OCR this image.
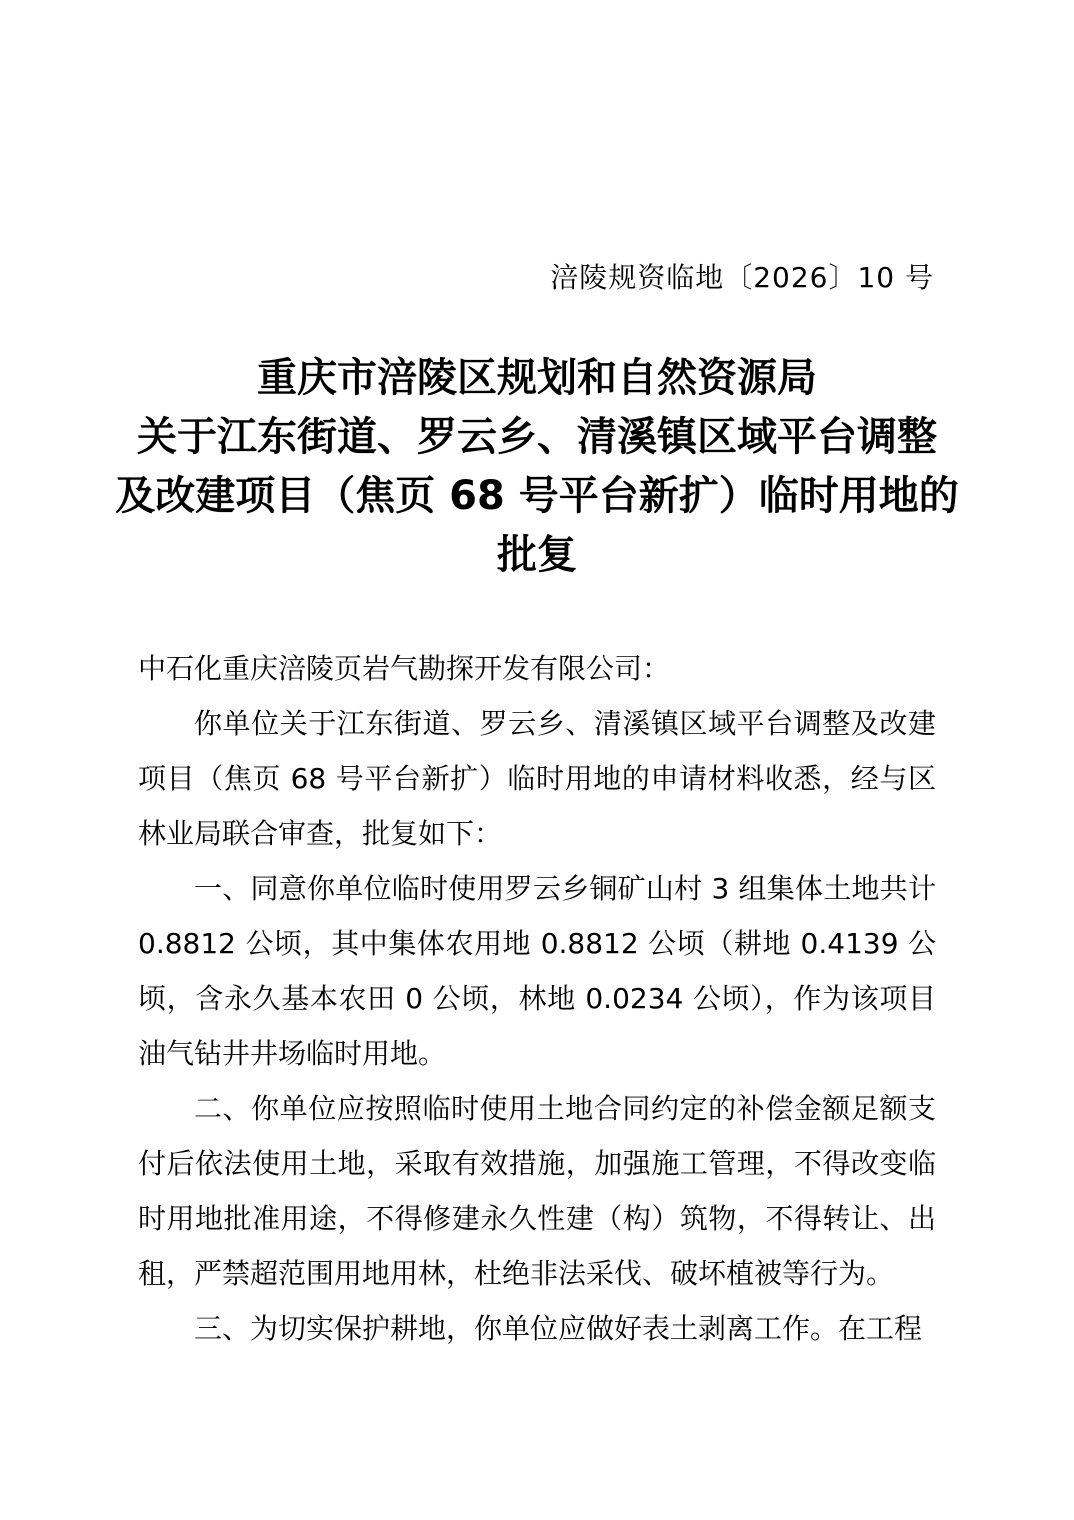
涪陵规资临地〔2026〕10 号
重庆市涪陵区规划和自然资源局
关于江东街道、罗云乡、清溪镇区域平台调整
及改建项目（焦页 68 号平台新扩）临时用地的
批复

中石化重庆涪陵页岩气勘探开发有限公司：

你单位关于江东街道、罗云乡、清溪镇区域平台调整及改建项目（焦页 68 号平台新扩）临时用地的申请材料收悉，经与区林业局联合审查，批复如下：

一、同意你单位临时使用罗云乡铜矿山村 3 组集体土地共计 0.8812 公顷，其中集体农用地 0.8812 公顷（耕地 0.4139 公顷，含永久基本农田 0 公顷，林地 0.0234 公顷），作为该项目油气钻井井场临时用地。

二、你单位应按照临时使用土地合同约定的补偿金额足额支付后依法使用土地，采取有效措施，加强施工管理，不得改变临时用地批准用途，不得修建永久性建（构）筑物，不得转让、出租，严禁超范围用地用林，杜绝非法采伐、破坏植被等行为。

三、为切实保护耕地，你单位应做好表土剥离工作。在工程
